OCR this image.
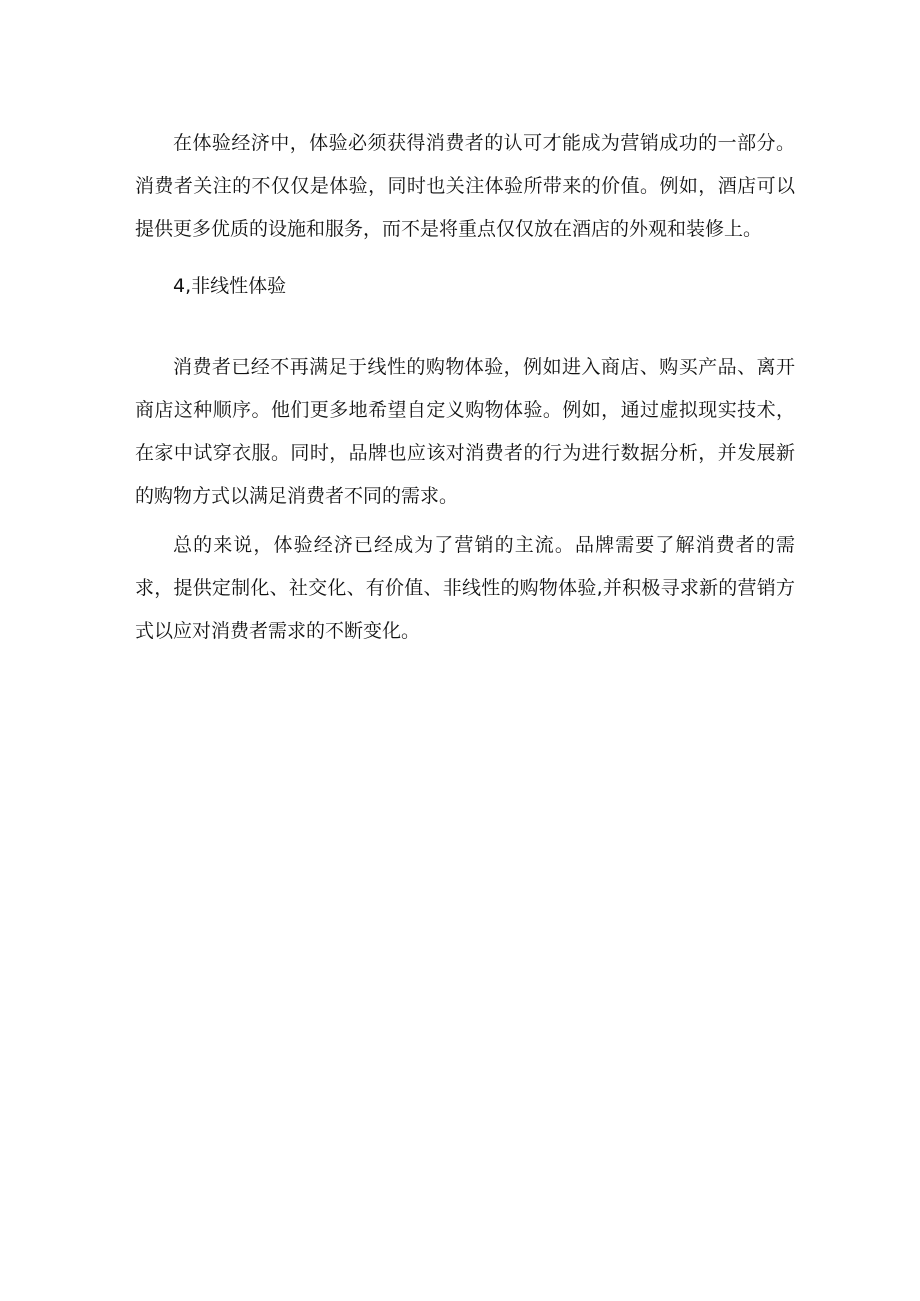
在体验经济中，体验必须获得消费者的认可才能成为营销成功的一部分。消费者关注的不仅仅是体验，同时也关注体验所带来的价值。例如，酒店可以提供更多优质的设施和服务，而不是将重点仅仅放在酒店的外观和装修上。

4,非线性体验

消费者已经不再满足于线性的购物体验，例如进入商店、购买产品、离开商店这种顺序。他们更多地希望自定义购物体验。例如，通过虚拟现实技术，在家中试穿衣服。同时，品牌也应该对消费者的行为进行数据分析，并发展新的购物方式以满足消费者不同的需求。

总的来说，体验经济已经成为了营销的主流。品牌需要了解消费者的需求，提供定制化、社交化、有价值、非线性的购物体验,并积极寻求新的营销方式以应对消费者需求的不断变化。
